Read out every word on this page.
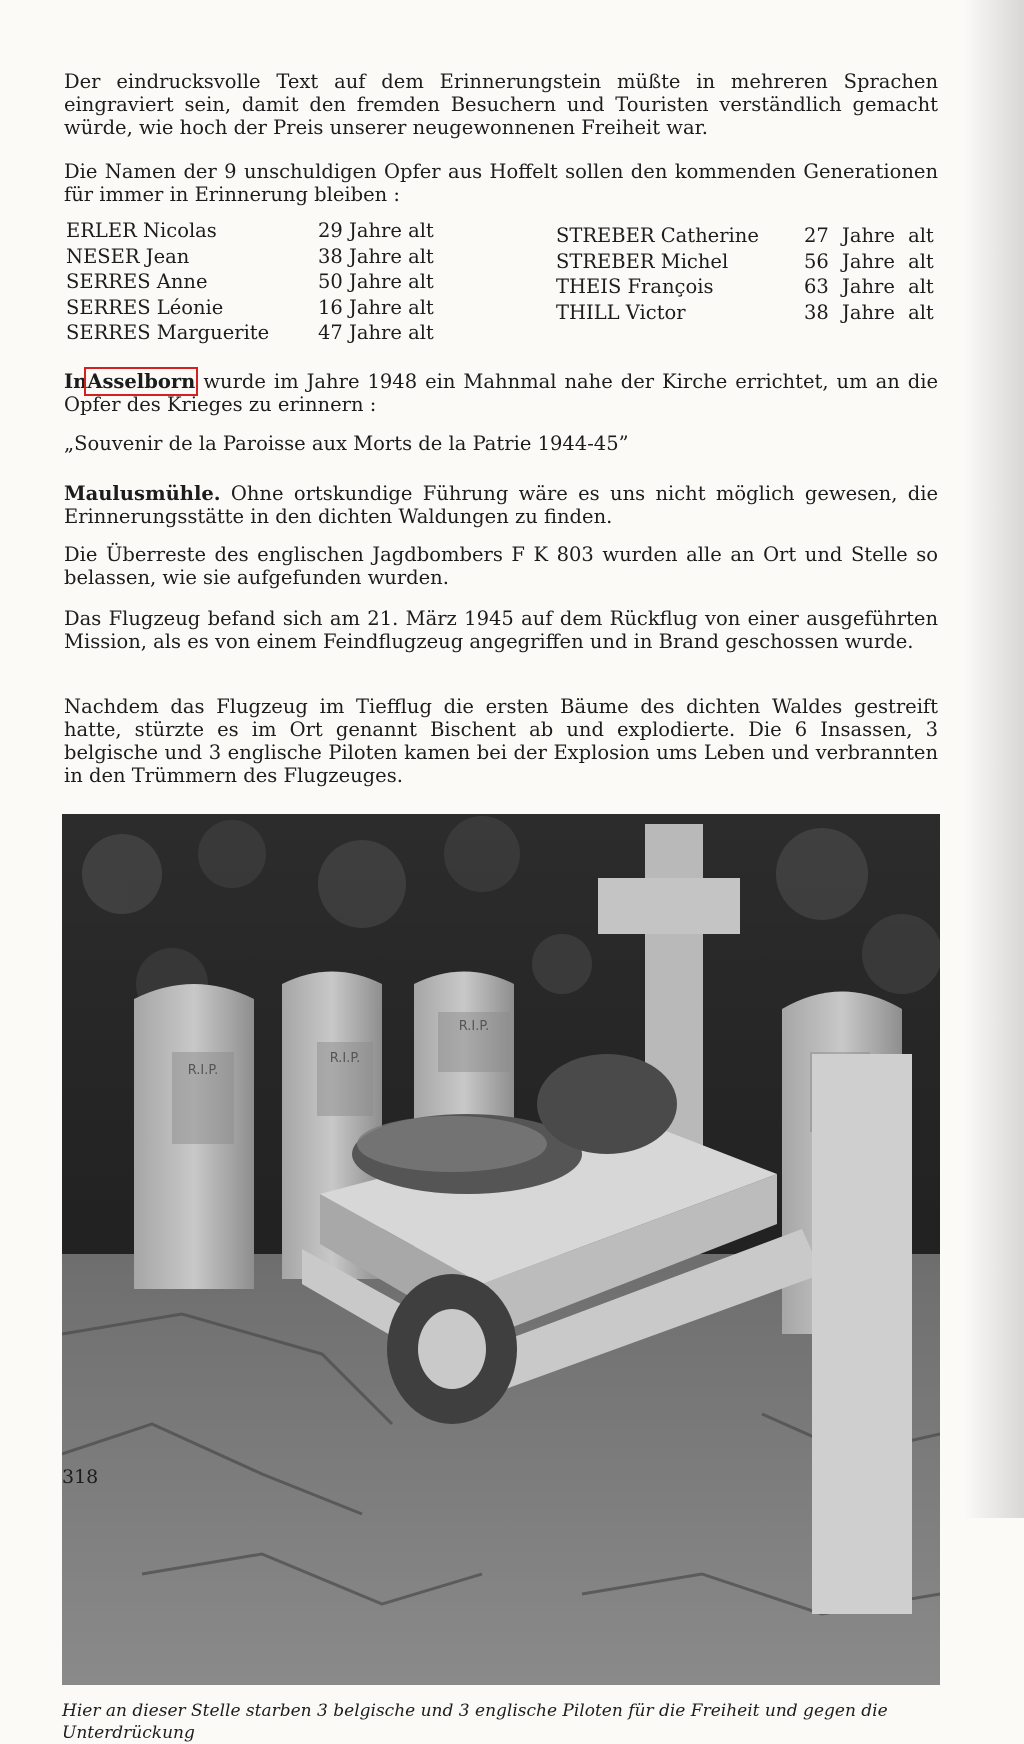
Der eindrucksvolle Text auf dem Erinnerungstein müßte in mehreren Sprachen eingraviert sein, damit den fremden Besuchern und Touristen verständlich gemacht würde, wie hoch der Preis unserer neugewonnenen Freiheit war.

Die Namen der 9 unschuldigen Opfer aus Hoffelt sollen den kommenden Generationen für immer in Erinnerung bleiben :

ERLER Nicolas	29 Jahre alt
NESER Jean	38 Jahre alt
SERRES Anne	50 Jahre alt
SERRES Léonie	16 Jahre alt
SERRES Marguerite	47 Jahre alt
STREBER Catherine	27 Jahre alt
STREBER Michel	56 Jahre alt
THEIS François	63 Jahre alt
THILL Victor	38 Jahre alt

InAsselborn wurde im Jahre 1948 ein Mahnmal nahe der Kirche errichtet, um an die Opfer des Krieges zu erinnern :

„Souvenir de la Paroisse aux Morts de la Patrie 1944-45”

Maulusmühle. Ohne ortskundige Führung wäre es uns nicht möglich gewesen, die Erinnerungsstätte in den dichten Waldungen zu finden.

Die Überreste des englischen Jagdbombers F K 803 wurden alle an Ort und Stelle so belassen, wie sie aufgefunden wurden.

Das Flugzeug befand sich am 21. März 1945 auf dem Rückflug von einer ausgeführten Mission, als es von einem Feindflugzeug angegriffen und in Brand geschossen wurde.

Nachdem das Flugzeug im Tiefflug die ersten Bäume des dichten Waldes gestreift hatte, stürzte es im Ort genannt Bischent ab und explodierte. Die 6 Insassen, 3 belgische und 3 englische Piloten kamen bei der Explosion ums Leben und verbrannten in den Trümmern des Flugzeuges.

R.I.P.
R.I.P.
R.I.P.
Hier an dieser Stelle starben 3 belgische und 3 englische Piloten für die Freiheit und gegen die Unterdrückung
318
